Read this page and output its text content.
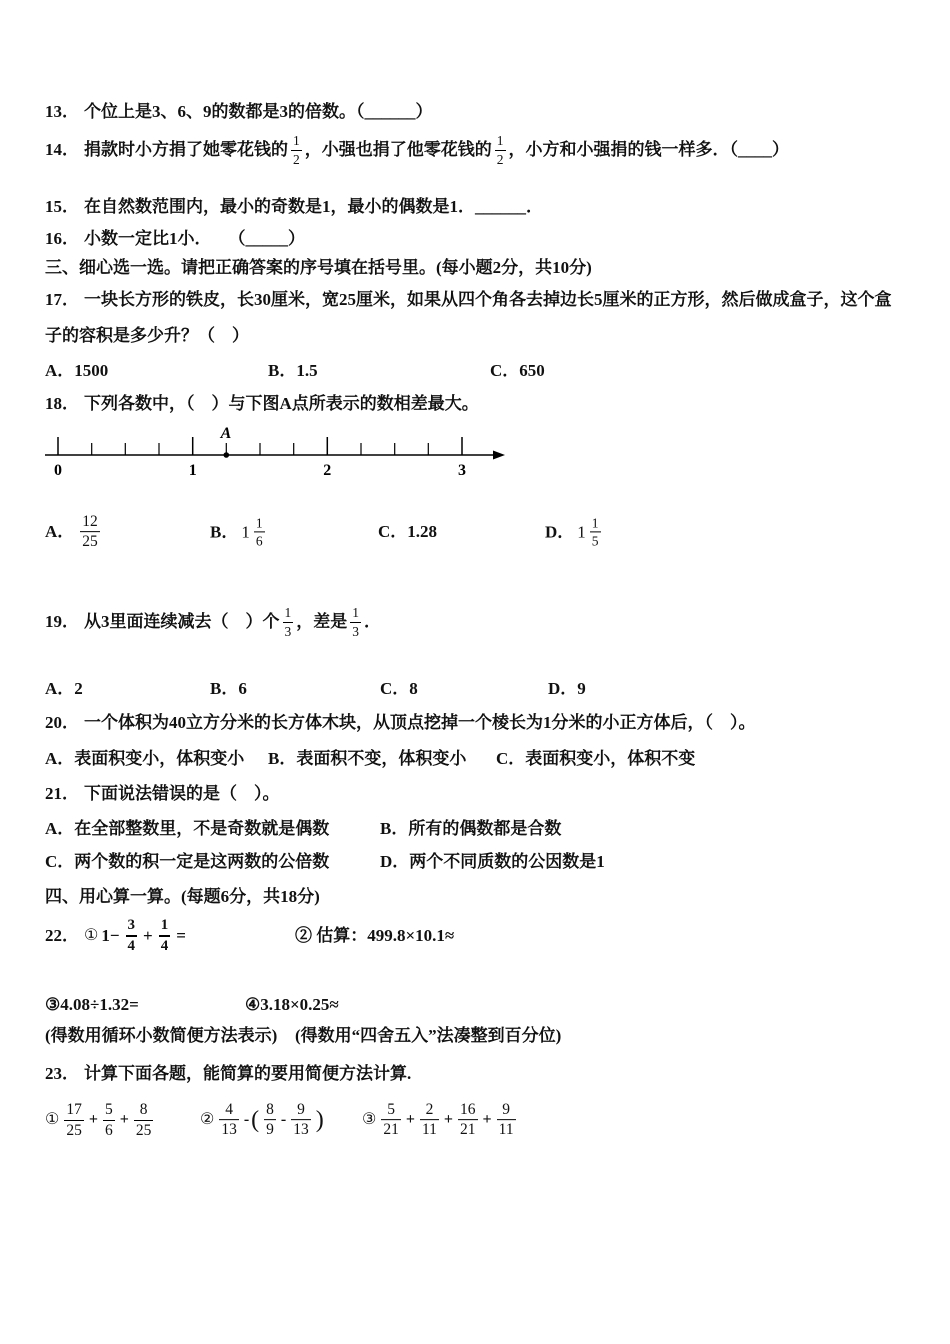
13． 个位上是3、6、9的数都是3的倍数。（______）
14． 捐款时小方捐了她零花钱的 $\frac{1}{2}$ ，小强也捐了他零花钱的 $\frac{1}{2}$ ，小方和小强捐的钱一样多．（____）
15． 在自然数范围内，最小的奇数是1，最小的偶数是1．______．
16． 小数一定比1小．　　（_____）
三、细心选一选。请把正确答案的序号填在括号里。(每小题2分，共10分)
17． 一块长方形的铁皮，长30厘米，宽25厘米，如果从四个角各去掉边长5厘米的正方形，然后做成盒子，这个盒
子的容积是多少升？（　）
A．1500	B．1.5	C．650
18． 下列各数中，（　）与下图A点所表示的数相差最大。
A
0	1	2	3
A． $\frac{12}{25}$	B． $1 \frac{1}{6}$	C．1.28	D． $1 \frac{1}{5}$
19． 从3里面连续减去（　）个 $\frac{1}{3}$ ，差是 $\frac{1}{3}$ ．
A．2	B．6	C．8	D．9
20． 一个体积为40立方分米的长方体木块，从顶点挖掉一个棱长为1分米的小正方体后，（　）。
A．表面积变小，体积变小 B．表面积不变，体积变小 C．表面积变小，体积不变
21． 下面说法错误的是（　）。
A．在全部整数里，不是奇数就是偶数	B．所有的偶数都是合数
C．两个数的积一定是这两数的公倍数	D．两个不同质数的公因数是1
四、用心算一算。(每题6分，共18分)
22． ① $1- \frac{3}{4} + \frac{1}{4}$ =	② 估算：499.8×10.1≈
③4.08÷1.32=	④3.18×0.25≈
(得数用循环小数简便方法表示) (得数用“四舍五入”法凑整到百分位)
23． 计算下面各题，能简算的要用简便方法计算.
① $\frac{17}{25} + \frac{5}{6} + \frac{8}{25}$	② $\frac{4}{13}$ - ( $\frac{8}{9} - \frac{9}{13}$ ) ③ $\frac{5}{21} + \frac{2}{11} + \frac{16}{21} + \frac{9}{11}$
